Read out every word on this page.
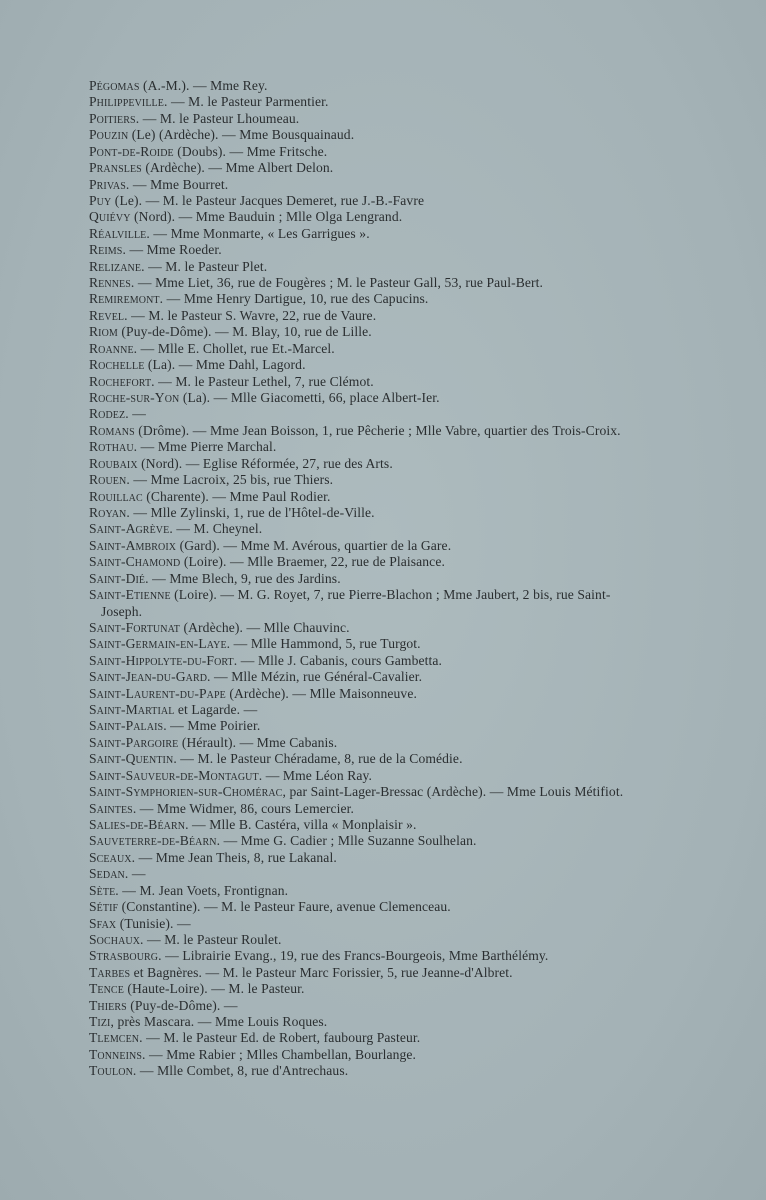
Pégomas (A.-M.). — Mme Rey.
Philippeville. — M. le Pasteur Parmentier.
Poitiers. — M. le Pasteur Lhoumeau.
Pouzin (Le) (Ardèche). — Mme Bousquainaud.
Pont-de-Roide (Doubs). — Mme Fritsche.
Pransles (Ardèche). — Mme Albert Delon.
Privas. — Mme Bourret.
Puy (Le). — M. le Pasteur Jacques Demeret, rue J.-B.-Favre
Quiévy (Nord). — Mme Bauduin ; Mlle Olga Lengrand.
Réalville. — Mme Monmarte, « Les Garrigues ».
Reims. — Mme Roeder.
Relizane. — M. le Pasteur Plet.
Rennes. — Mme Liet, 36, rue de Fougères ; M. le Pasteur Gall, 53, rue Paul-Bert.
Remiremont. — Mme Henry Dartigue, 10, rue des Capucins.
Revel. — M. le Pasteur S. Wavre, 22, rue de Vaure.
Riom (Puy-de-Dôme). — M. Blay, 10, rue de Lille.
Roanne. — Mlle E. Chollet, rue Et.-Marcel.
Rochelle (La). — Mme Dahl, Lagord.
Rochefort. — M. le Pasteur Lethel, 7, rue Clémot.
Roche-sur-Yon (La). — Mlle Giacometti, 66, place Albert-Ier.
Rodez. —
Romans (Drôme). — Mme Jean Boisson, 1, rue Pêcherie ; Mlle Vabre, quartier des Trois-Croix.
Rothau. — Mme Pierre Marchal.
Roubaix (Nord). — Eglise Réformée, 27, rue des Arts.
Rouen. — Mme Lacroix, 25 bis, rue Thiers.
Rouillac (Charente). — Mme Paul Rodier.
Royan. — Mlle Zylinski, 1, rue de l'Hôtel-de-Ville.
Saint-Agrève. — M. Cheynel.
Saint-Ambroix (Gard). — Mme M. Avérous, quartier de la Gare.
Saint-Chamond (Loire). — Mlle Braemer, 22, rue de Plaisance.
Saint-Dié. — Mme Blech, 9, rue des Jardins.
Saint-Etienne (Loire). — M. G. Royet, 7, rue Pierre-Blachon ; Mme Jaubert, 2 bis, rue Saint-Joseph.
Saint-Fortunat (Ardèche). — Mlle Chauvinc.
Saint-Germain-en-Laye. — Mlle Hammond, 5, rue Turgot.
Saint-Hippolyte-du-Fort. — Mlle J. Cabanis, cours Gambetta.
Saint-Jean-du-Gard. — Mlle Mézin, rue Général-Cavalier.
Saint-Laurent-du-Pape (Ardèche). — Mlle Maisonneuve.
Saint-Martial et Lagarde. —
Saint-Palais. — Mme Poirier.
Saint-Pargoire (Hérault). — Mme Cabanis.
Saint-Quentin. — M. le Pasteur Chéradame, 8, rue de la Comédie.
Saint-Sauveur-de-Montagut. — Mme Léon Ray.
Saint-Symphorien-sur-Chomérac, par Saint-Lager-Bressac (Ardèche). — Mme Louis Métifiot.
Saintes. — Mme Widmer, 86, cours Lemercier.
Salies-de-Béarn. — Mlle B. Castéra, villa « Monplaisir ».
Sauveterre-de-Béarn. — Mme G. Cadier ; Mlle Suzanne Soulhelan.
Sceaux. — Mme Jean Theis, 8, rue Lakanal.
Sedan. —
Sète. — M. Jean Voets, Frontignan.
Sétif (Constantine). — M. le Pasteur Faure, avenue Clemenceau.
Sfax (Tunisie). —
Sochaux. — M. le Pasteur Roulet.
Strasbourg. — Librairie Evang., 19, rue des Francs-Bourgeois, Mme Barthélémy.
Tarbes et Bagnères. — M. le Pasteur Marc Forissier, 5, rue Jeanne-d'Albret.
Tence (Haute-Loire). — M. le Pasteur.
Thiers (Puy-de-Dôme). —
Tizi, près Mascara. — Mme Louis Roques.
Tlemcen. — M. le Pasteur Ed. de Robert, faubourg Pasteur.
Tonneins. — Mme Rabier ; Mlles Chambellan, Bourlange.
Toulon. — Mlle Combet, 8, rue d'Antrechaus.
